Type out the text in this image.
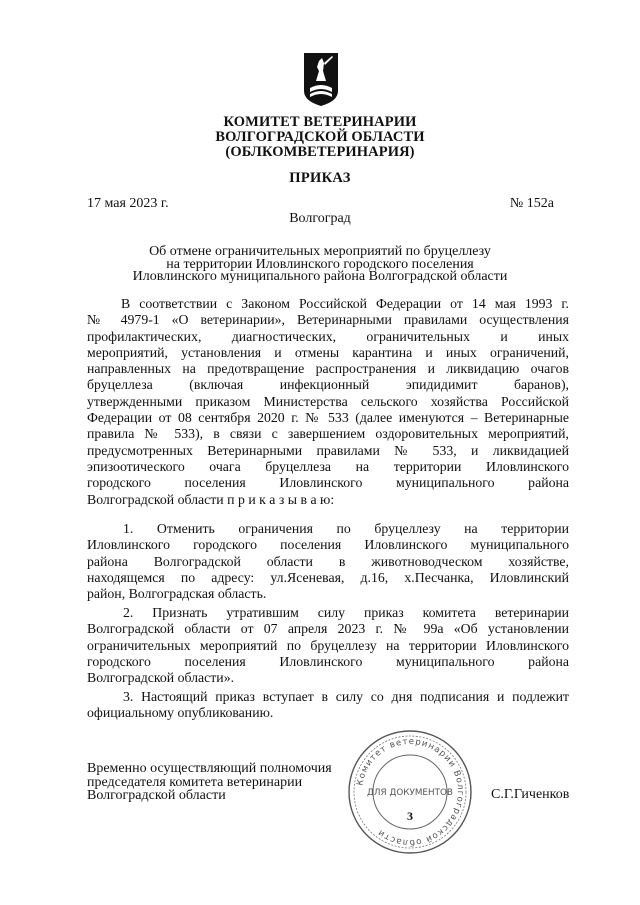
КОМИТЕТ ВЕТЕРИНАРИИ
ВОЛГОГРАДСКОЙ ОБЛАСТИ
(ОБЛКОМВЕТЕРИНАРИЯ)
ПРИКАЗ
17 мая 2023 г.	№ 152а
Волгоград
Об отмене ограничительных мероприятий по бруцеллезу
на территории Иловлинского городского поселения
Иловлинского муниципального района Волгоградской области
В соответствии с Законом Российской Федерации от 14 мая 1993 г.
№ 4979-1 «О ветеринарии», Ветеринарными правилами осуществления
профилактических, диагностических, ограничительных и иных
мероприятий, установления и отмены карантина и иных ограничений,
направленных на предотвращение распространения и ликвидацию очагов
бруцеллеза (включая инфекционный эпидидимит баранов),
утвержденными приказом Министерства сельского хозяйства Российской
Федерации от 08 сентября 2020 г. № 533 (далее именуются – Ветеринарные
правила № 533), в связи с завершением оздоровительных мероприятий,
предусмотренных Ветеринарными правилами № 533, и ликвидацией
эпизоотического очага бруцеллеза на территории Иловлинского
городского поселения Иловлинского муниципального района
Волгоградской области п р и к а з ы в а ю:
1. Отменить ограничения по бруцеллезу на территории
Иловлинского городского поселения Иловлинского муниципального
района Волгоградской области в животноводческом хозяйстве,
находящемся по адресу: ул.Ясеневая, д.16, х.Песчанка, Иловлинский
район, Волгоградская область.
2. Признать утратившим силу приказ комитета ветеринарии
Волгоградской области от 07 апреля 2023 г. № 99а «Об установлении
ограничительных мероприятий по бруцеллезу на территории Иловлинского
городского поселения Иловлинского муниципального района
Волгоградской области».
3. Настоящий приказ вступает в силу со дня подписания и подлежит
официальному опубликованию.
Временно осуществляющий полномочия
председателя комитета ветеринарии
Волгоградской области	С.Г.Гиченков
Комитет ветеринарии Волгоградской области
ДЛЯ ДОКУМЕНТОВ
3
